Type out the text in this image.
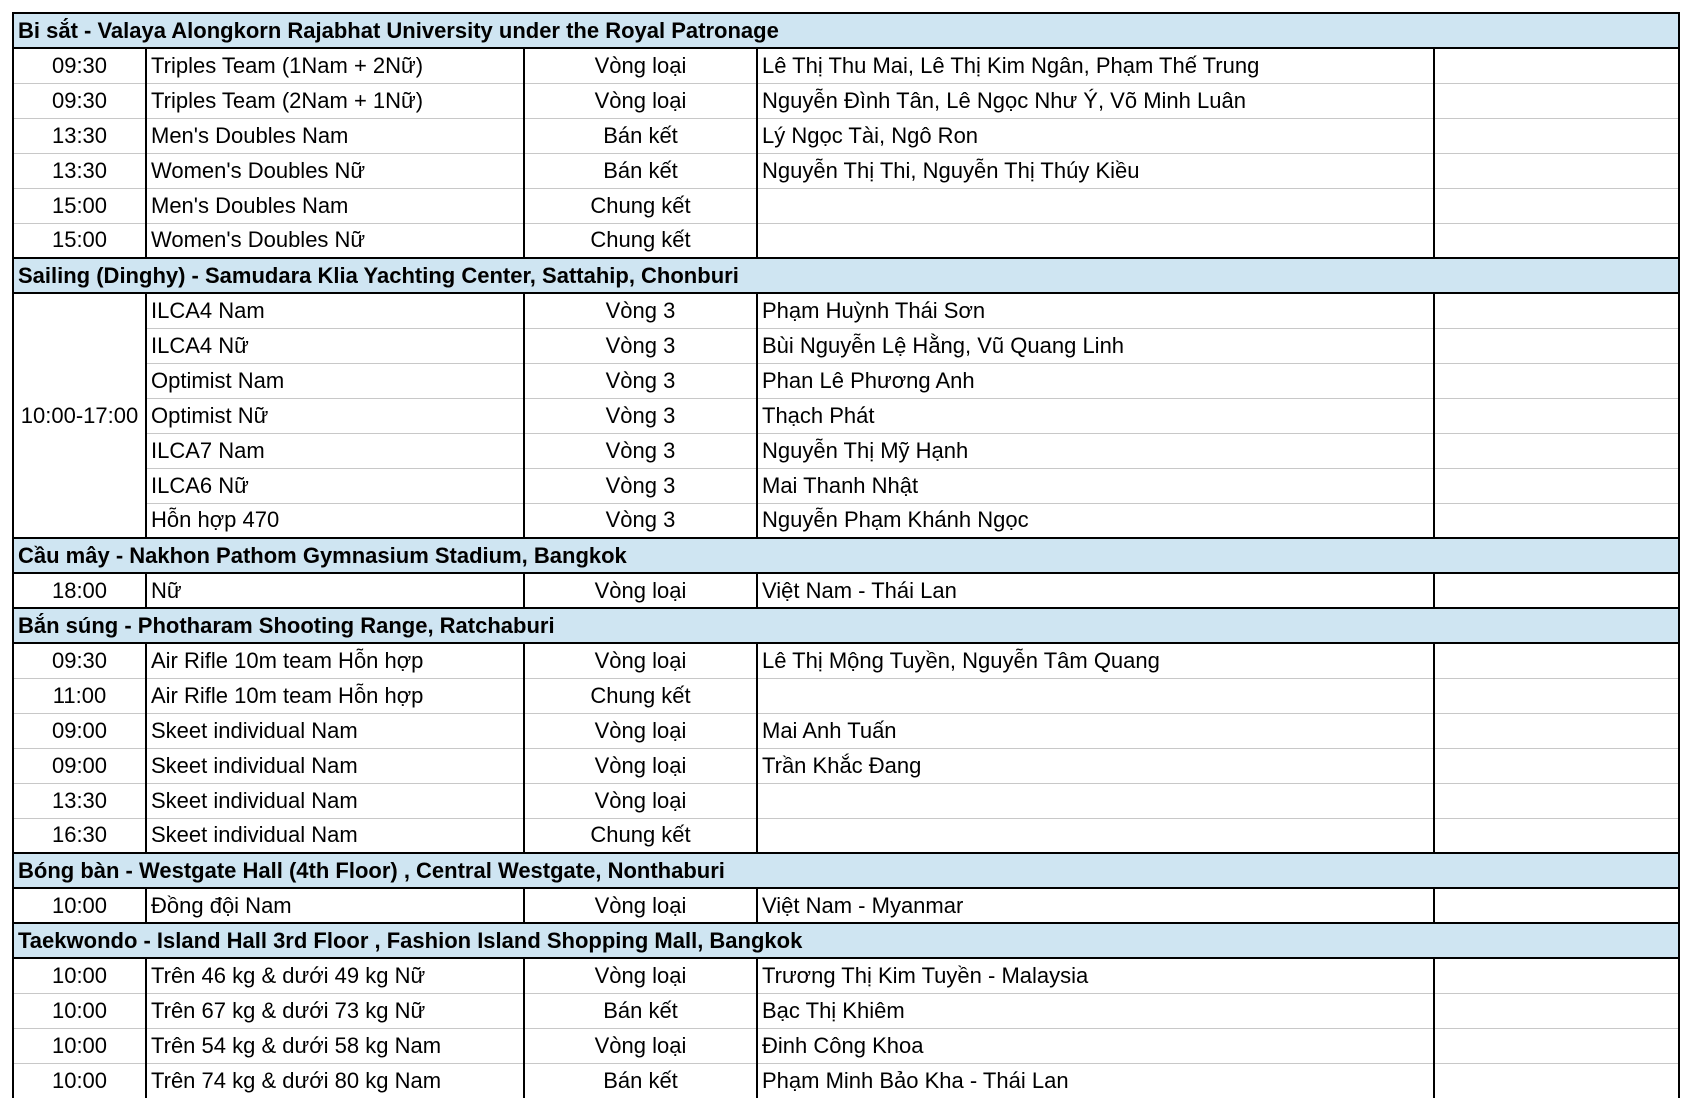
Bi sắt - Valaya Alongkorn Rajabhat University under the Royal Patronage				
09:30	Triples Team (1Nam + 2Nữ)	Vòng loại	Lê Thị Thu Mai, Lê Thị Kim Ngân, Phạm Thế Trung	
09:30	Triples Team (2Nam + 1Nữ)	Vòng loại	Nguyễn Đình Tân, Lê Ngọc Như Ý, Võ Minh Luân	
13:30	Men's Doubles Nam	Bán kết	Lý Ngọc Tài, Ngô Ron	
13:30	Women's Doubles Nữ	Bán kết	Nguyễn Thị Thi, Nguyễn Thị Thúy Kiều	
15:00	Men's Doubles Nam	Chung kết		
15:00	Women's Doubles Nữ	Chung kết		
Sailing (Dinghy) - Samudara Klia Yachting Center, Sattahip, Chonburi				
10:00-17:00	ILCA4 Nam	Vòng 3	Phạm Huỳnh Thái Sơn	
	ILCA4 Nữ	Vòng 3	Bùi Nguyễn Lệ Hằng, Vũ Quang Linh	
	Optimist Nam	Vòng 3	Phan Lê Phương Anh	
	Optimist Nữ	Vòng 3	Thạch Phát	
	ILCA7 Nam	Vòng 3	Nguyễn Thị Mỹ Hạnh	
	ILCA6 Nữ	Vòng 3	Mai Thanh Nhật	
	Hỗn hợp 470	Vòng 3	Nguyễn Phạm Khánh Ngọc	
Cầu mây - Nakhon Pathom Gymnasium Stadium, Bangkok				
18:00	Nữ	Vòng loại	Việt Nam - Thái Lan	
Bắn súng - Photharam Shooting Range, Ratchaburi				
09:30	Air Rifle 10m team Hỗn hợp	Vòng loại	Lê Thị Mộng Tuyền, Nguyễn Tâm Quang	
11:00	Air Rifle 10m team Hỗn hợp	Chung kết		
09:00	Skeet individual Nam	Vòng loại	Mai Anh Tuấn	
09:00	Skeet individual Nam	Vòng loại	Trần Khắc Đang	
13:30	Skeet individual Nam	Vòng loại		
16:30	Skeet individual Nam	Chung kết		
Bóng bàn - Westgate Hall (4th Floor) , Central Westgate, Nonthaburi				
10:00	Đồng đội Nam	Vòng loại	Việt Nam - Myanmar	
Taekwondo - Island Hall 3rd Floor , Fashion Island Shopping Mall, Bangkok				
10:00	Trên 46 kg & dưới 49 kg Nữ	Vòng loại	Trương Thị Kim Tuyền - Malaysia	
10:00	Trên 67 kg & dưới 73 kg Nữ	Bán kết	Bạc Thị Khiêm	
10:00	Trên 54 kg & dưới 58 kg Nam	Vòng loại	Đinh Công Khoa	
10:00	Trên 74 kg & dưới 80 kg Nam	Bán kết	Phạm Minh Bảo Kha - Thái Lan	
